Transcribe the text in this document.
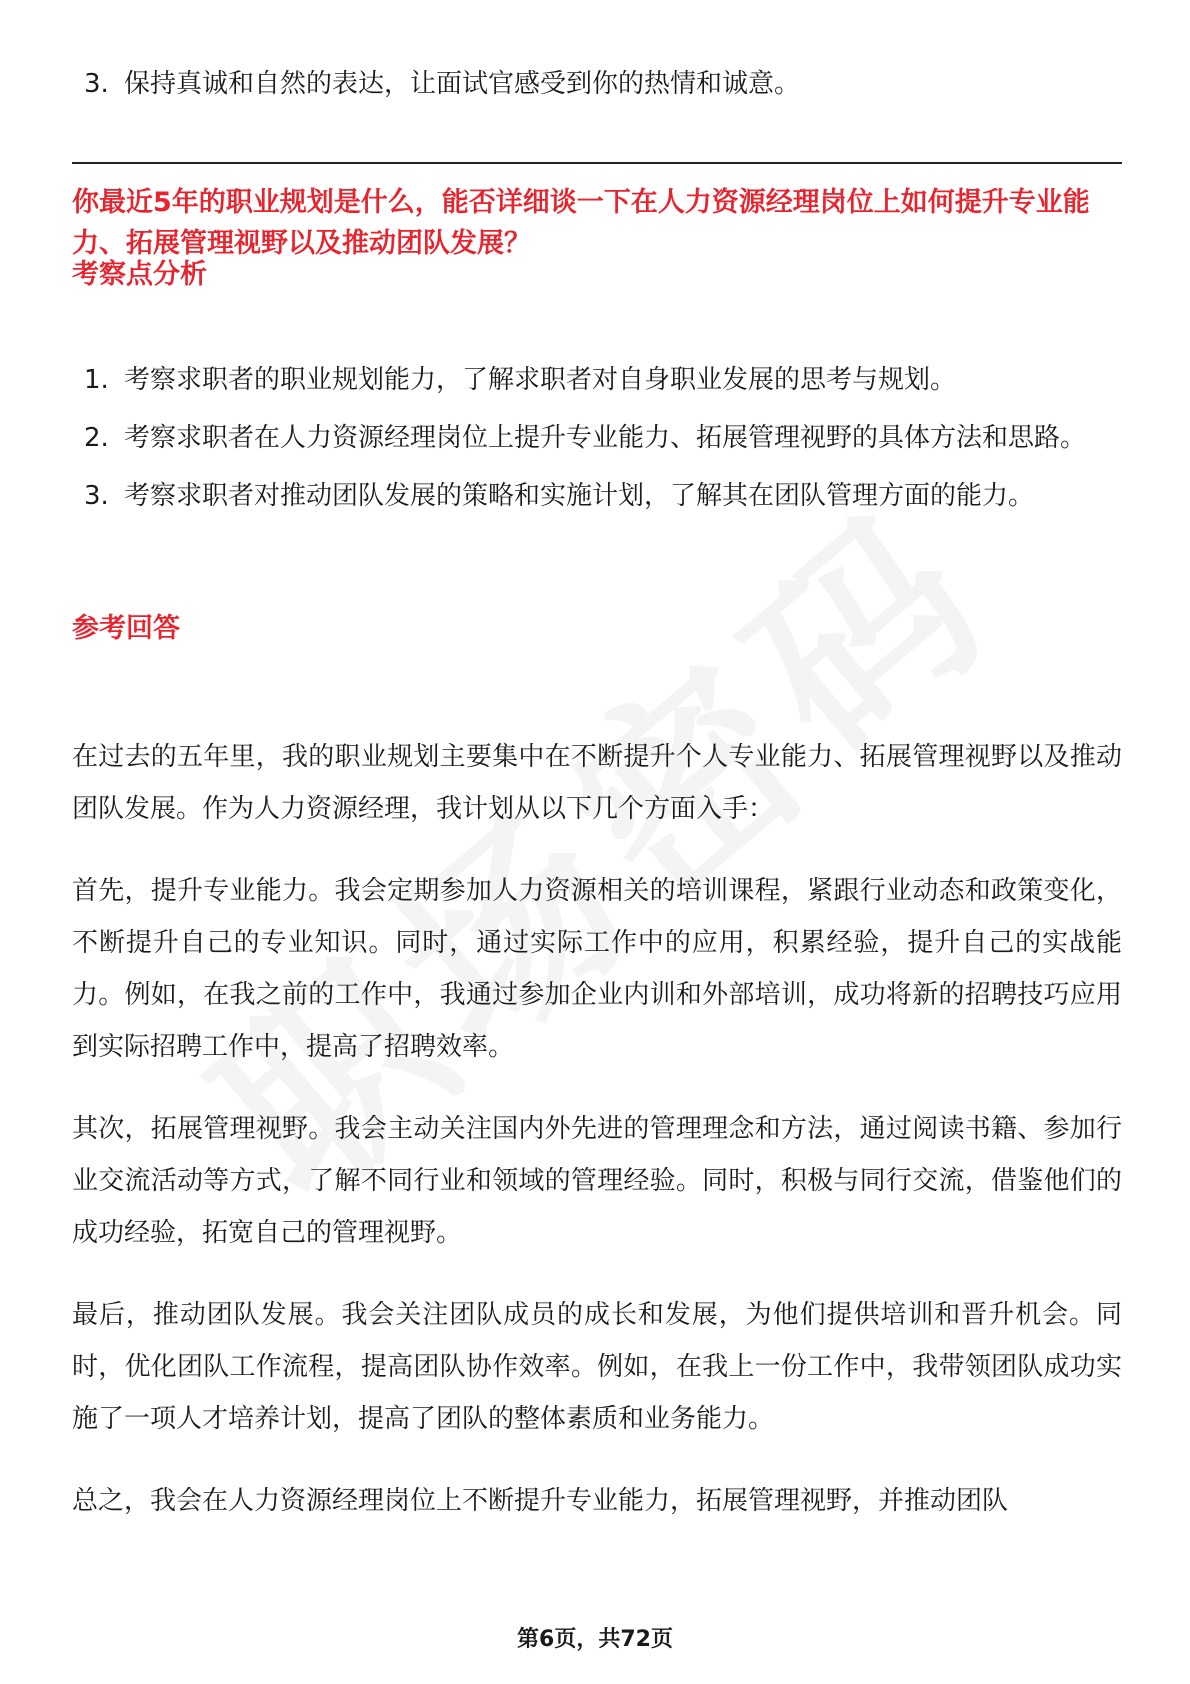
3. 保持真诚和自然的表达，让面试官感受到你的热情和诚意。
你最近5年的职业规划是什么，能否详细谈一下在人力资源经理岗位上如何提升专业能力、拓展管理视野以及推动团队发展？
考察点分析
1. 考察求职者的职业规划能力，了解求职者对自身职业发展的思考与规划。
2. 考察求职者在人力资源经理岗位上提升专业能力、拓展管理视野的具体方法和思路。
3. 考察求职者对推动团队发展的策略和实施计划，了解其在团队管理方面的能力。
参考回答

在过去的五年里，我的职业规划主要集中在不断提升个人专业能力、拓展管理视野以及推动团队发展。作为人力资源经理，我计划从以下几个方面入手：

首先，提升专业能力。我会定期参加人力资源相关的培训课程，紧跟行业动态和政策变化，不断提升自己的专业知识。同时，通过实际工作中的应用，积累经验，提升自己的实战能力。例如，在我之前的工作中，我通过参加企业内训和外部培训，成功将新的招聘技巧应用到实际招聘工作中，提高了招聘效率。

其次，拓展管理视野。我会主动关注国内外先进的管理理念和方法，通过阅读书籍、参加行业交流活动等方式，了解不同行业和领域的管理经验。同时，积极与同行交流，借鉴他们的成功经验，拓宽自己的管理视野。

最后，推动团队发展。我会关注团队成员的成长和发展，为他们提供培训和晋升机会。同时，优化团队工作流程，提高团队协作效率。例如，在我上一份工作中，我带领团队成功实施了一项人才培养计划，提高了团队的整体素质和业务能力。

总之，我会在人力资源经理岗位上不断提升专业能力，拓展管理视野，并推动团队

第6页，共72页
